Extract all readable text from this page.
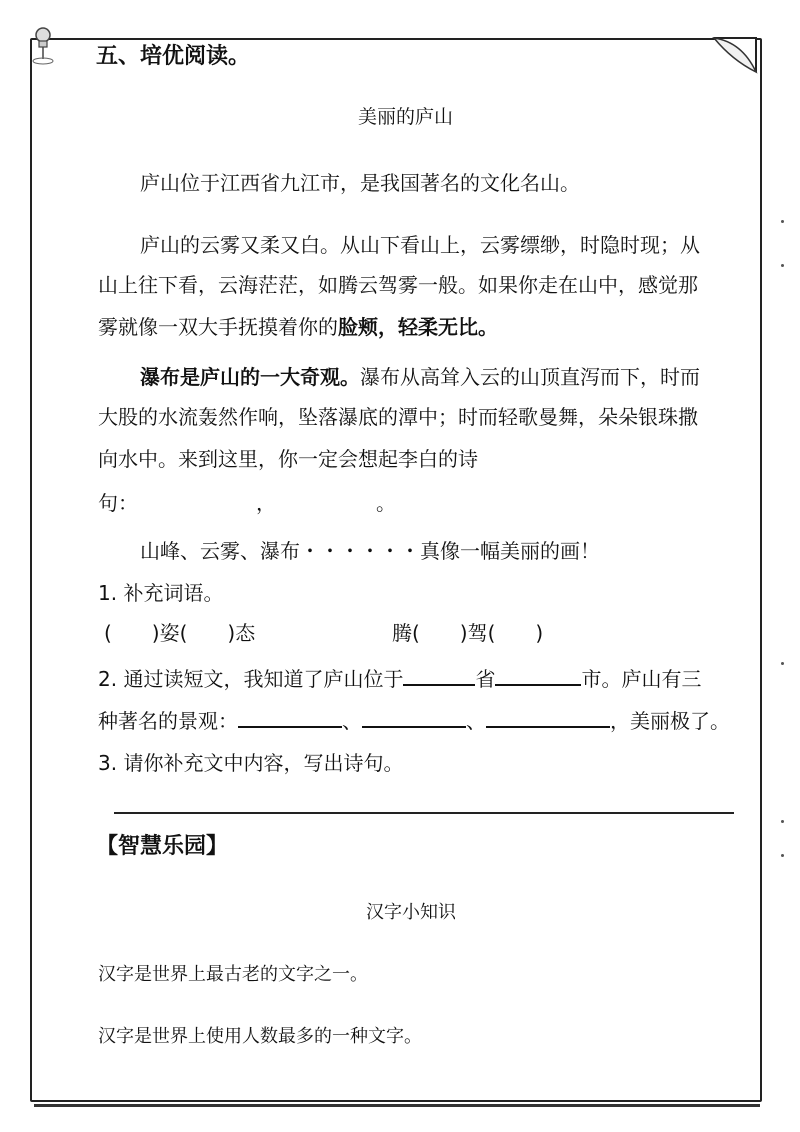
五、培优阅读。
美丽的庐山
庐山位于江西省九江市，是我国著名的文化名山。
庐山的云雾又柔又白。从山下看山上，云雾缥缈，时隐时现；从
山上往下看，云海茫茫，如腾云驾雾一般。如果你走在山中，感觉那
雾就像一双大手抚摸着你的脸颊，轻柔无比。
瀑布是庐山的一大奇观。瀑布从高耸入云的山顶直泻而下，时而
大股的水流轰然作响，坠落瀑底的潭中；时而轻歌曼舞，朵朵银珠撒
向水中。来到这里，你一定会想起李白的诗
句：	，	。
山峰、云雾、瀑布・・・・・・真像一幅美丽的画！
1. 补充词语。
(　　)姿(　　)态	腾(　　)驾(　　)
2. 通过读短文，我知道了庐山位于	省	市。庐山有三
种著名的景观：	、	、	，美丽极了。
3. 请你补充文中内容，写出诗句。
【智慧乐园】
汉字小知识
汉字是世界上最古老的文字之一。
汉字是世界上使用人数最多的一种文字。
